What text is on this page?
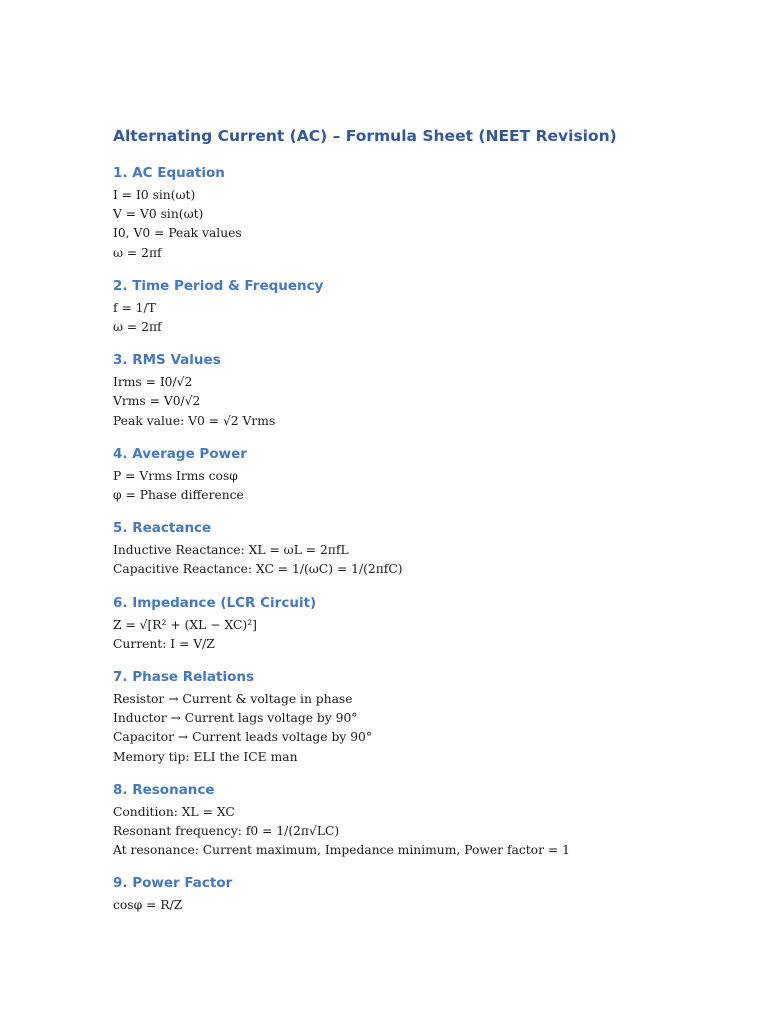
Alternating Current (AC) – Formula Sheet (NEET Revision)
1. AC Equation

I = I0 sin(ωt)

V = V0 sin(ωt)

I0, V0 = Peak values

ω = 2πf

2. Time Period & Frequency

f = 1/T

ω = 2πf

3. RMS Values

Irms = I0/√2

Vrms = V0/√2

Peak value: V0 = √2 Vrms

4. Average Power

P = Vrms Irms cosφ

φ = Phase difference

5. Reactance

Inductive Reactance: XL = ωL = 2πfL

Capacitive Reactance: XC = 1/(ωC) = 1/(2πfC)

6. Impedance (LCR Circuit)

Z = √[R² + (XL − XC)²]

Current: I = V/Z

7. Phase Relations

Resistor → Current & voltage in phase

Inductor → Current lags voltage by 90°

Capacitor → Current leads voltage by 90°

Memory tip: ELI the ICE man

8. Resonance

Condition: XL = XC

Resonant frequency: f0 = 1/(2π√LC)

At resonance: Current maximum, Impedance minimum, Power factor = 1

9. Power Factor

cosφ = R/Z
